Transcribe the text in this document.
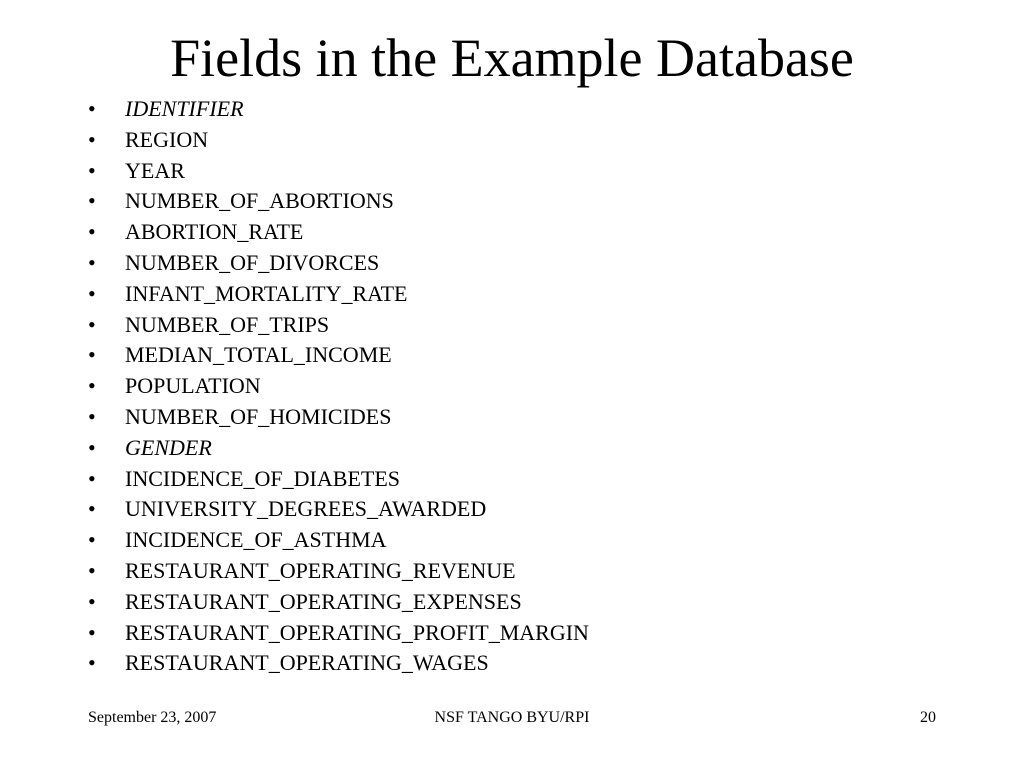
Fields in the Example Database
•	IDENTIFIER
•	REGION
•	YEAR
•	NUMBER_OF_ABORTIONS
•	ABORTION_RATE
•	NUMBER_OF_DIVORCES
•	INFANT_MORTALITY_RATE
•	NUMBER_OF_TRIPS
•	MEDIAN_TOTAL_INCOME
•	POPULATION
•	NUMBER_OF_HOMICIDES
•	GENDER
•	INCIDENCE_OF_DIABETES
•	UNIVERSITY_DEGREES_AWARDED
•	INCIDENCE_OF_ASTHMA
•	RESTAURANT_OPERATING_REVENUE
•	RESTAURANT_OPERATING_EXPENSES
•	RESTAURANT_OPERATING_PROFIT_MARGIN
•	RESTAURANT_OPERATING_WAGES
September 23, 2007	NSF TANGO BYU/RPI	20
